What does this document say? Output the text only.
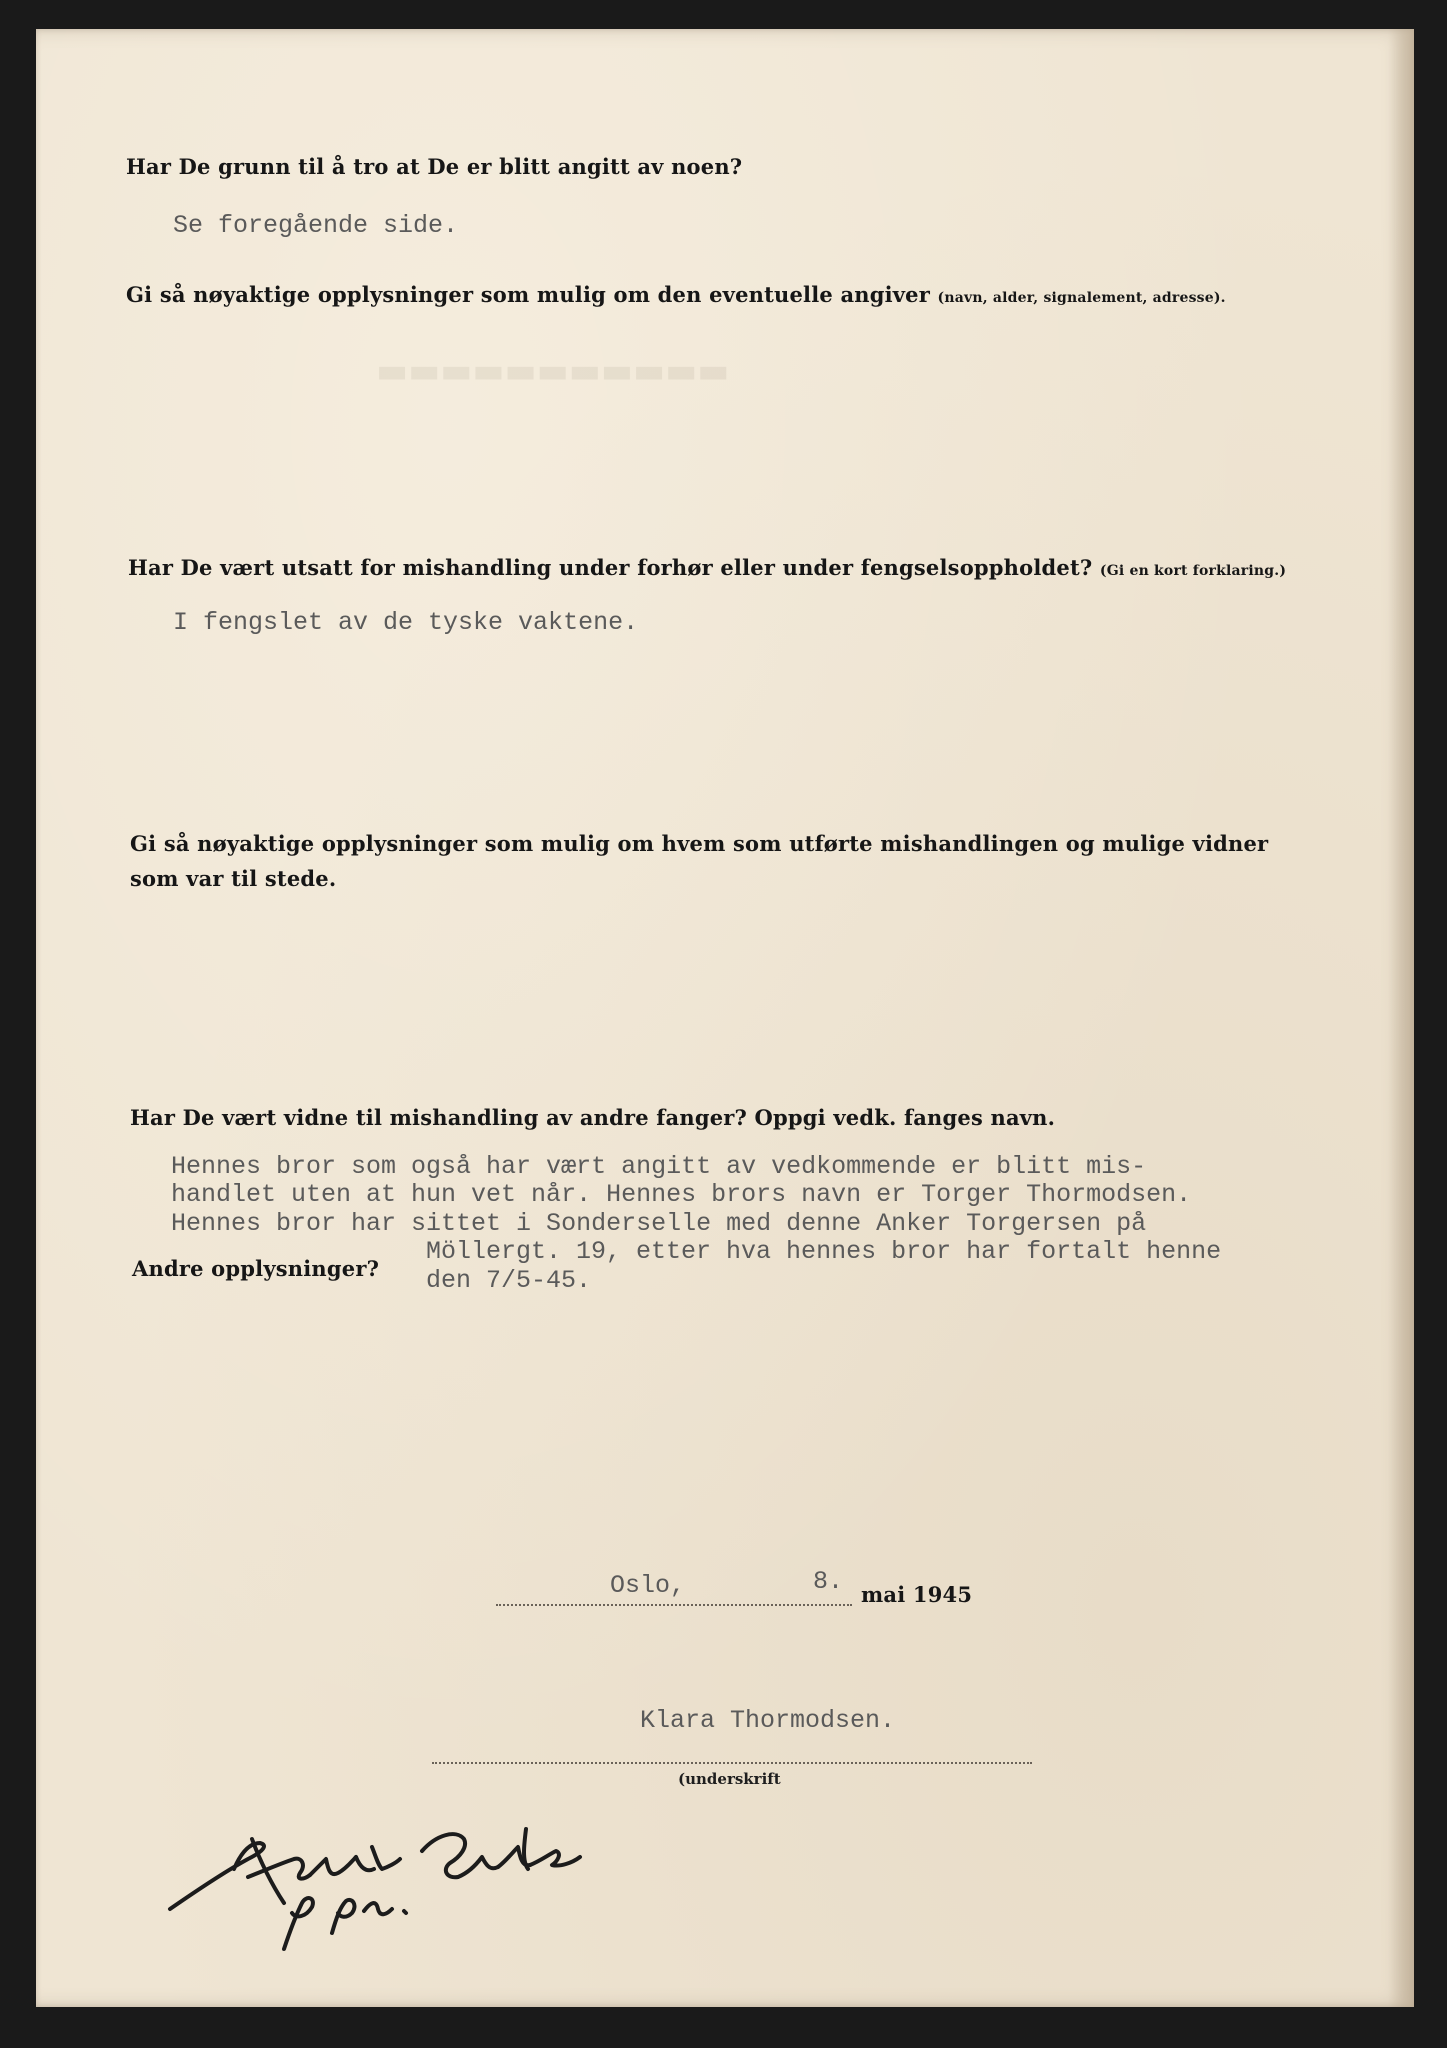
▬▬▬▬▬▬▬▬▬▬▬
Har De grunn til å tro at De er blitt angitt av noen?
Se foregående side.
Gi så nøyaktige opplysninger som mulig om den eventuelle angiver (navn, alder, signalement, adresse).
Har De vært utsatt for mishandling under forhør eller under fengselsoppholdet? (Gi en kort forklaring.)
I fengslet av de tyske vaktene.
Gi så nøyaktige opplysninger som mulig om hvem som utførte mishandlingen og mulige vidner
som var til stede.
Har De vært vidne til mishandling av andre fanger? Oppgi vedk. fanges navn.
Hennes bror som også har vært angitt av vedkommende er blitt mis-
handlet uten at hun vet når. Hennes brors navn er Torger Thormodsen.
Hennes bror har sittet i Sonderselle med denne Anker Torgersen på
Möllergt. 19, etter hva hennes bror har fortalt henne
den 7/5-45.
Andre opplysninger?
Oslo,	8. mai 1945
Klara Thormodsen.
(underskrift
